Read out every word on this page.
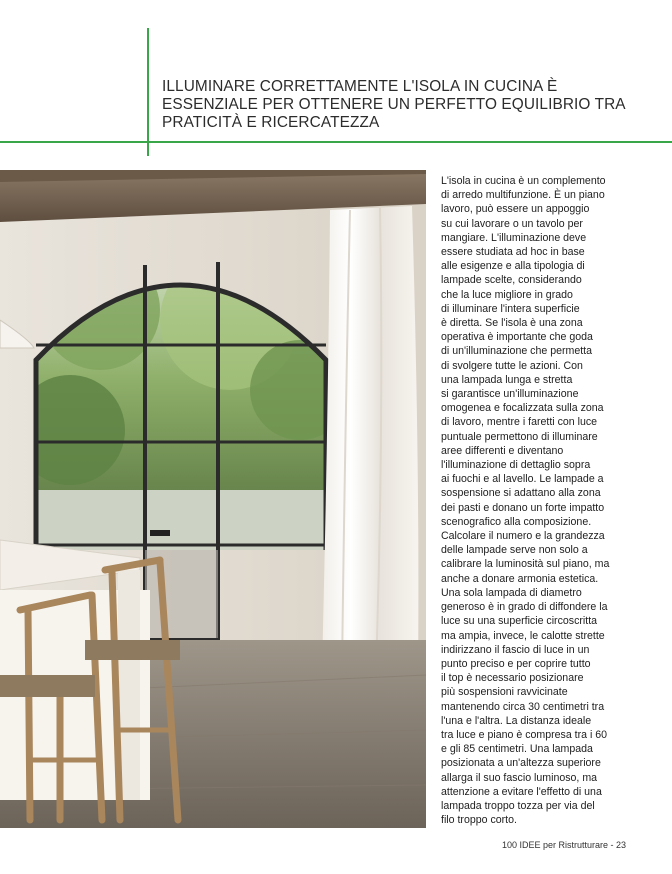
ILLUMINARE CORRETTAMENTE L'ISOLA IN CUCINA È
ESSENZIALE PER OTTENERE UN PERFETTO EQUILIBRIO TRA
PRATICITÀ E RICERCATEZZA
L'isola in cucina è un complemento
di arredo multifunzione. È un piano
lavoro, può essere un appoggio
su cui lavorare o un tavolo per
mangiare. L'illuminazione deve
essere studiata ad hoc in base
alle esigenze e alla tipologia di
lampade scelte, considerando
che la luce migliore in grado
di illuminare l'intera superficie
è diretta. Se l'isola è una zona
operativa è importante che goda
di un'illuminazione che permetta
di svolgere tutte le azioni. Con
una lampada lunga e stretta
si garantisce un'illuminazione
omogenea e focalizzata sulla zona
di lavoro, mentre i faretti con luce
puntuale permettono di illuminare
aree differenti e diventano
l'illuminazione di dettaglio sopra
ai fuochi e al lavello. Le lampade a
sospensione si adattano alla zona
dei pasti e donano un forte impatto
scenografico alla composizione.
Calcolare il numero e la grandezza
delle lampade serve non solo a
calibrare la luminosità sul piano, ma
anche a donare armonia estetica.
Una sola lampada di diametro
generoso è in grado di diffondere la
luce su una superficie circoscritta
ma ampia, invece, le calotte strette
indirizzano il fascio di luce in un
punto preciso e per coprire tutto
il top è necessario posizionare
più sospensioni ravvicinate
mantenendo circa 30 centimetri tra
l'una e l'altra. La distanza ideale
tra luce e piano è compresa tra i 60
e gli 85 centimetri. Una lampada
posizionata a un'altezza superiore
allarga il suo fascio luminoso, ma
attenzione a evitare l'effetto di una
lampada troppo tozza per via del
filo troppo corto.
100 IDEE per Ristrutturare - 23
